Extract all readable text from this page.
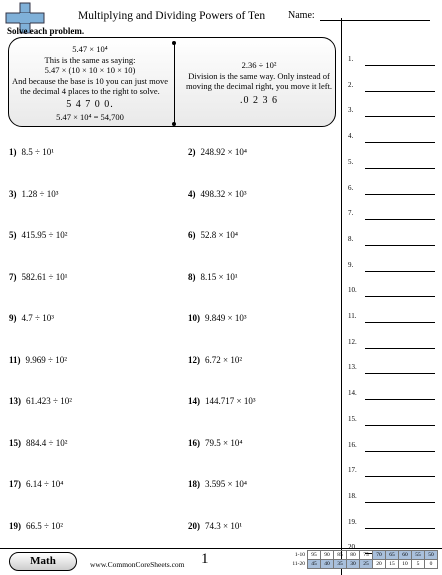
Multiplying and Dividing Powers of Ten Name:
Solve each problem.
5.47 × 10⁴
This is the same as saying:
5.47 × (10 × 10 × 10 × 10)
And because the base is 10 you can just move
the decimal 4 places to the right to solve.
5 4 7 0 0.
5.47 × 10⁴ = 54,700
2.36 ÷ 10²
Division is the same way. Only instead of
moving the decimal right, you move it left.
.0 2 3 6
1) 8.5 ÷ 10¹	2) 248.92 × 10⁴
3) 1.28 ÷ 10³	4) 498.32 × 10³
5) 415.95 ÷ 10²	6) 52.8 × 10⁴
7) 582.61 ÷ 10¹	8) 8.15 × 10¹
9) 4.7 ÷ 10³	10) 9.849 × 10³
11) 9.969 ÷ 10²	12) 6.72 × 10²
13) 61.423 ÷ 10²	14) 144.717 × 10³
15) 884.4 ÷ 10²	16) 79.5 × 10⁴
17) 6.14 ÷ 10⁴	18) 3.595 × 10⁴
19) 66.5 ÷ 10²	20) 74.3 × 10¹
1.
2.
3.
4.
5.
6.
7.
8.
9.
10.
11.
12.
13.
14.
15.
16.
17.
18.
19.
20.
Math	www.CommonCoreSheets.com 1	1-10	95	90	85	80	75	70	65	60	55	50
11-20	45	40	35	30	25	20	15	10	5	0
